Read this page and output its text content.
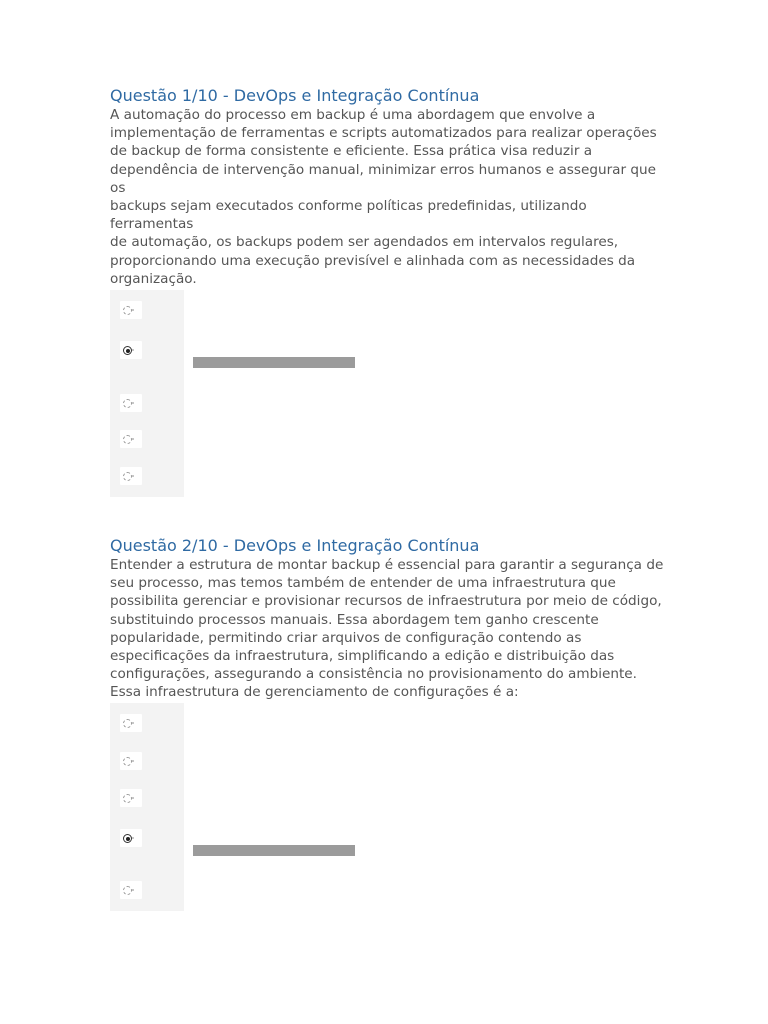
Questão 1/10 - DevOps e Integração Contínua

A automação do processo em backup é uma abordagem que envolve a
implementação de ferramentas e scripts automatizados para realizar operações
de backup de forma consistente e eficiente. Essa prática visa reduzir a
dependência de intervenção manual, minimizar erros humanos e assegurar que os
backups sejam executados conforme políticas predefinidas, utilizando ferramentas
de automação, os backups podem ser agendados em intervalos regulares,
proporcionando uma execução previsível e alinhada com as necessidades da
organização.

Questão 2/10 - DevOps e Integração Contínua

Entender a estrutura de montar backup é essencial para garantir a segurança de
seu processo, mas temos também de entender de uma infraestrutura que
possibilita gerenciar e provisionar recursos de infraestrutura por meio de código,
substituindo processos manuais. Essa abordagem tem ganho crescente
popularidade, permitindo criar arquivos de configuração contendo as
especificações da infraestrutura, simplificando a edição e distribuição das
configurações, assegurando a consistência no provisionamento do ambiente.
Essa infraestrutura de gerenciamento de configurações é a:
